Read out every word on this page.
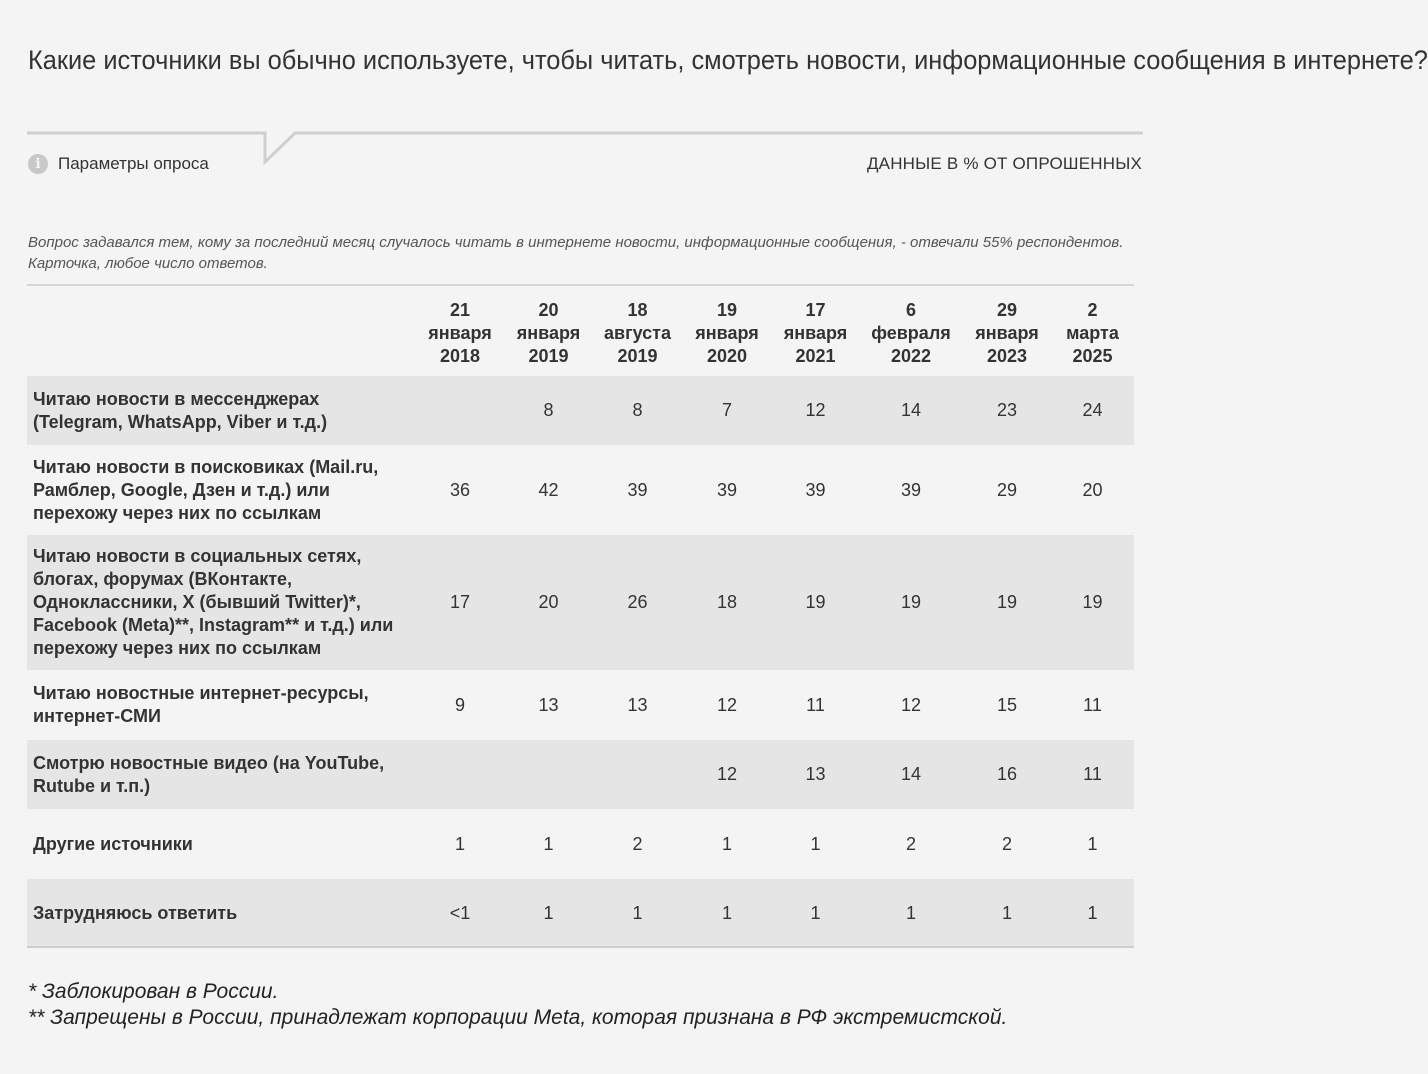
Какие источники вы обычно используете, чтобы читать, смотреть новости, информационные сообщения в интернете?
i	Параметры опроса	ДАННЫЕ В % ОТ ОПРОШЕННЫХ
Вопрос задавался тем, кому за последний месяц случалось читать в интернете новости, информационные сообщения, - отвечали 55% респондентов. Карточка, любое число ответов.
	21
января
2018	20
января
2019	18
августа
2019	19
января
2020	17
января
2021	6
февраля
2022	29
января
2023	2
марта
2025
Читаю новости в мессенджерах (Telegram, WhatsApp, Viber и т.д.)		8	8	7	12	14	23	24
Читаю новости в поисковиках (Mail.ru, Рамблер, Google, Дзен и т.д.) или перехожу через них по ссылкам	36	42	39	39	39	39	29	20
Читаю новости в социальных сетях, блогах, форумах (ВКонтакте, Одноклассники, X (бывший Twitter)*, Facebook (Meta)**, Instagram** и т.д.) или перехожу через них по ссылкам	17	20	26	18	19	19	19	19
Читаю новостные интернет-ресурсы, интернет-СМИ	9	13	13	12	11	12	15	11
Смотрю новостные видео (на YouTube, Rutube и т.п.)				12	13	14	16	11
Другие источники	1	1	2	1	1	2	2	1
Затрудняюсь ответить	<1	1	1	1	1	1	1	1
* Заблокирован в России.
** Запрещены в России, принадлежат корпорации Meta, которая признана в РФ экстремистской.
